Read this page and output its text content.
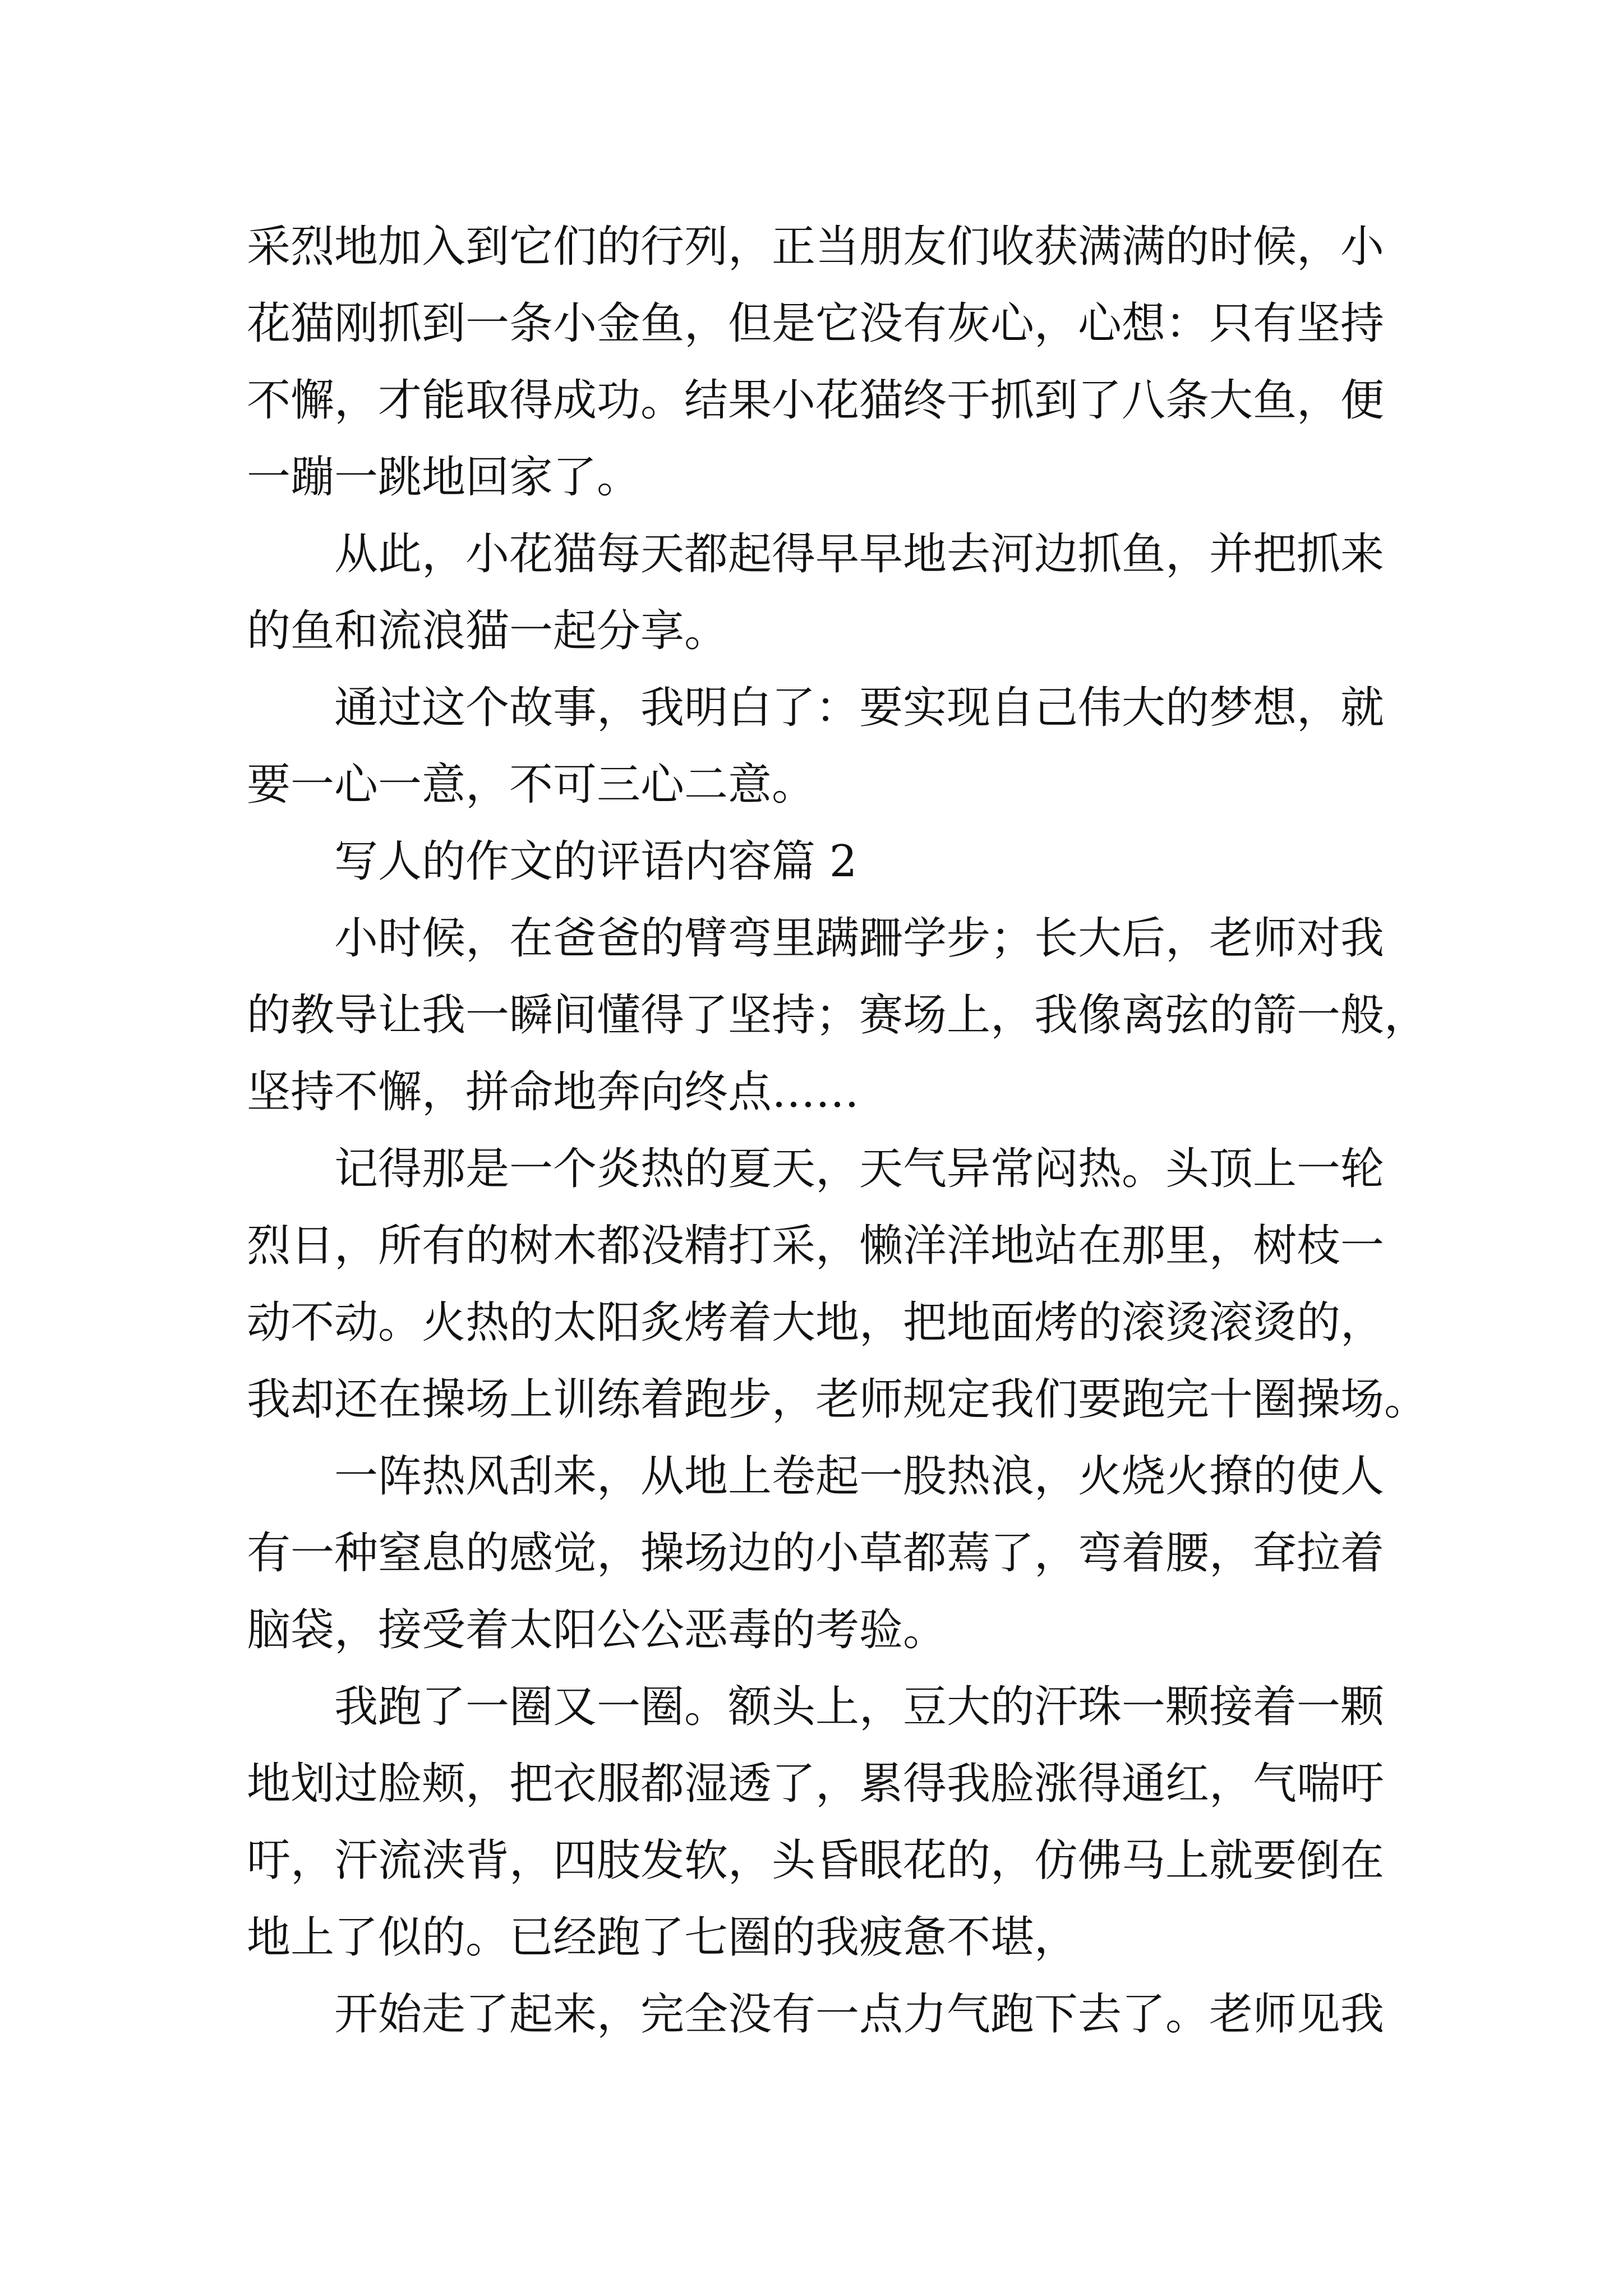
采烈地加入到它们的行列，正当朋友们收获满满的时候，小
花猫刚抓到一条小金鱼，但是它没有灰心，心想：只有坚持
不懈，才能取得成功。结果小花猫终于抓到了八条大鱼，便
一蹦一跳地回家了。
从此，小花猫每天都起得早早地去河边抓鱼，并把抓来
的鱼和流浪猫一起分享。
通过这个故事，我明白了：要实现自己伟大的梦想，就
要一心一意，不可三心二意。
写人的作文的评语内容篇 2
小时候，在爸爸的臂弯里蹒跚学步；长大后，老师对我
的教导让我一瞬间懂得了坚持；赛场上，我像离弦的箭一般，
坚持不懈，拼命地奔向终点……
记得那是一个炎热的夏天，天气异常闷热。头顶上一轮
烈日，所有的树木都没精打采，懒洋洋地站在那里，树枝一
动不动。火热的太阳炙烤着大地，把地面烤的滚烫滚烫的，
我却还在操场上训练着跑步，老师规定我们要跑完十圈操场。
一阵热风刮来，从地上卷起一股热浪，火烧火撩的使人
有一种窒息的感觉，操场边的小草都蔫了，弯着腰，耷拉着
脑袋，接受着太阳公公恶毒的考验。
我跑了一圈又一圈。额头上，豆大的汗珠一颗接着一颗
地划过脸颊，把衣服都湿透了，累得我脸涨得通红，气喘吁
吁，汗流浃背，四肢发软，头昏眼花的，仿佛马上就要倒在
地上了似的。已经跑了七圈的我疲惫不堪，
开始走了起来，完全没有一点力气跑下去了。老师见我
